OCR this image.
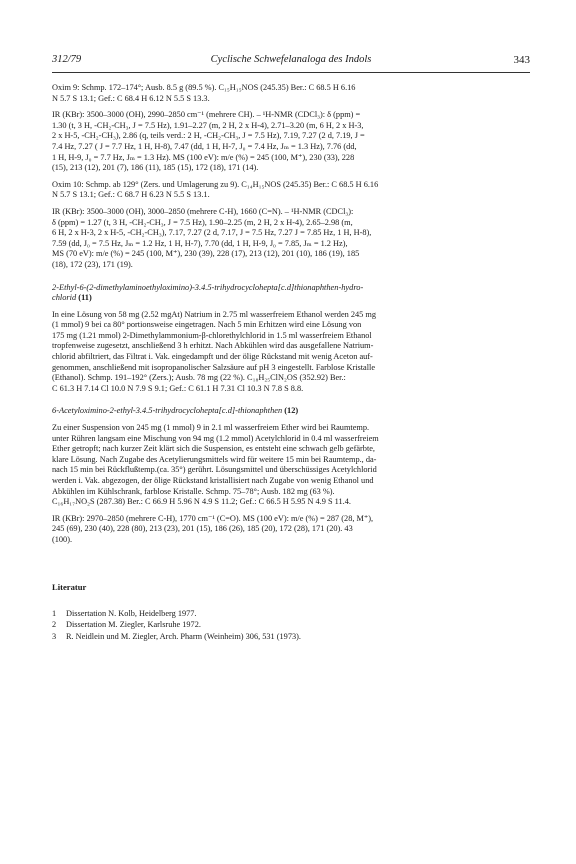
312/79	Cyclische Schwefelanaloga des Indols	343

Oxim 9: Schmp. 172–174°; Ausb. 8.5 g (89.5 %). C₁₅H₁₅NOS (245.35) Ber.: C 68.5 H 6.16

N 5.7 S 13.1; Gef.: C 68.4 H 6.12 N 5.5 S 13.3.

IR (KBr): 3500–3000 (OH), 2990–2850 cm⁻¹ (mehrere CH). – ¹H-NMR (CDCl₃): δ (ppm) =

1.30 (t, 3 H, -CH₂-CH₃, J = 7.5 Hz), 1.91–2.27 (m, 2 H, 2 x H-4), 2.71–3.20 (m, 6 H, 2 x H-3,

2 x H-5, -CH₂-CH₃), 2.86 (q, teils verd.: 2 H, -CH₂-CH₃, J = 7.5 Hz), 7.19, 7.27 (2 d, 7.19, J =

7.4 Hz, 7.27 ( J = 7.7 Hz, 1 H, H-8), 7.47 (dd, 1 H, H-7, J₀ = 7.4 Hz, Jₘ = 1.3 Hz), 7.76 (dd,

1 H, H-9, J₀ = 7.7 Hz, Jₘ = 1.3 Hz). MS (100 eV): m/e (%) = 245 (100, M⁺), 230 (33), 228

(15), 213 (12), 201 (7), 186 (11), 185 (15), 172 (18), 171 (14).

Oxim 10: Schmp. ab 129° (Zers. und Umlagerung zu 9). C₁₄H₁₅NOS (245.35) Ber.: C 68.5 H 6.16

N 5.7 S 13.1; Gef.: C 68.7 H 6.23 N 5.5 S 13.1.

IR (KBr): 3500–3000 (OH), 3000–2850 (mehrere C-H), 1660 (C=N). – ¹H-NMR (CDCl₃):

δ (ppm) = 1.27 (t, 3 H, -CH₂-CH₃, J = 7.5 Hz), 1.90–2.25 (m, 2 H, 2 x H-4), 2.65–2.98 (m,

6 H, 2 x H-3, 2 x H-5, -CH₂-CH₃), 7.17, 7.27 (2 d, 7.17, J = 7.5 Hz, 7.27 J = 7.85 Hz, 1 H, H-8),

7.59 (dd, J₀ = 7.5 Hz, Jₘ = 1.2 Hz, 1 H, H-7), 7.70 (dd, 1 H, H-9, J₀ = 7.85, Jₘ = 1.2 Hz),

MS (70 eV): m/e (%) = 245 (100, M⁺), 230 (39), 228 (17), 213 (12), 201 (10), 186 (19), 185

(18), 172 (23), 171 (19).

2-Ethyl-6-(2-dimethylaminoethyloximino)-3.4.5-trihydrocyclohepta[c.d]thionaphthen-hydro-

chlorid (11)

In eine Lösung von 58 mg (2.52 mgAt) Natrium in 2.75 ml wasserfreiem Ethanol werden 245 mg

(1 mmol) 9 bei ca 80° portionsweise eingetragen. Nach 5 min Erhitzen wird eine Lösung von

175 mg (1.21 mmol) 2-Dimethylammonium-β-chlorethylchlorid in 1.5 ml wasserfreiem Ethanol

tropfenweise zugesetzt, anschließend 3 h erhitzt. Nach Abkühlen wird das ausgefallene Natrium-

chlorid abfiltriert, das Filtrat i. Vak. eingedampft und der ölige Rückstand mit wenig Aceton auf-

genommen, anschließend mit isopropanolischer Salzsäure auf pH 3 eingestellt. Farblose Kristalle

(Ethanol). Schmp. 191–192° (Zers.); Ausb. 78 mg (22 %). C₁₈H₂₅ClN₂OS (352.92) Ber.:

C 61.3 H 7.14 Cl 10.0 N 7.9 S 9.1; Gef.: C 61.1 H 7.31 Cl 10.3 N 7.8 S 8.8.

6-Acetyloximino-2-ethyl-3.4.5-trihydrocyclohepta[c.d]-thionaphthen (12)

Zu einer Suspension von 245 mg (1 mmol) 9 in 2.1 ml wasserfreiem Ether wird bei Raumtemp.

unter Rühren langsam eine Mischung von 94 mg (1.2 mmol) Acetylchlorid in 0.4 ml wasserfreiem

Ether getropft; nach kurzer Zeit klärt sich die Suspension, es entsteht eine schwach gelb gefärbte,

klare Lösung. Nach Zugabe des Acetylierungsmittels wird für weitere 15 min bei Raumtemp., da-

nach 15 min bei Rückflußtemp.(ca. 35°) gerührt. Lösungsmittel und überschüssiges Acetylchlorid

werden i. Vak. abgezogen, der ölige Rückstand kristallisiert nach Zugabe von wenig Ethanol und

Abkühlen im Kühlschrank, farblose Kristalle. Schmp. 75–78°; Ausb. 182 mg (63 %).

C₁₆H₁₇NO₂S (287.38) Ber.: C 66.9 H 5.96 N 4.9 S 11.2; Gef.: C 66.5 H 5.95 N 4.9 S 11.4.

IR (KBr): 2970–2850 (mehrere C-H), 1770 cm⁻¹ (C=O). MS (100 eV): m/e (%) = 287 (28, M⁺),

245 (69), 230 (40), 228 (80), 213 (23), 201 (15), 186 (26), 185 (20), 172 (28), 171 (20). 43

(100).

Literatur
1	Dissertation N. Kolb, Heidelberg 1977.
2	Dissertation M. Ziegler, Karlsruhe 1972.
3	R. Neidlein und M. Ziegler, Arch. Pharm (Weinheim) 306, 531 (1973).
